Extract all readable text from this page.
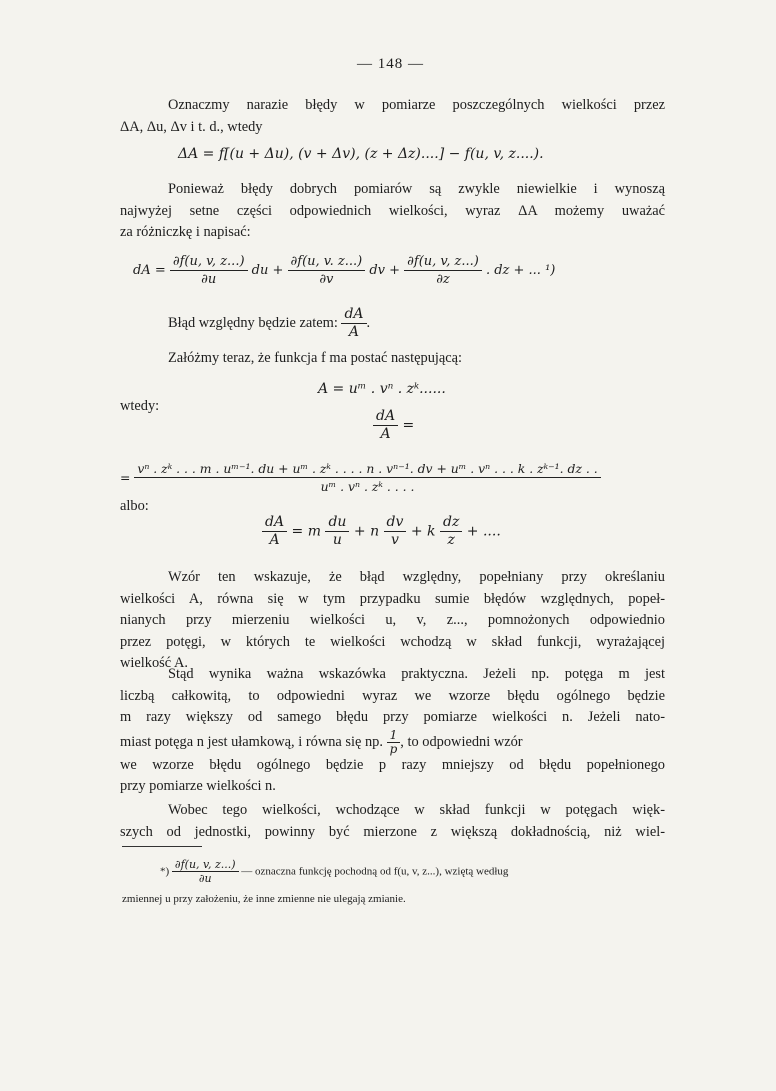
— 148 —
Oznaczmy narazie błędy w pomiarze poszczególnych wielkości przez
ΔA, Δu, Δv i t. d., wtedy
ΔA = f[(u + Δu), (v + Δv), (z + Δz)....] − f(u, v, z....).
Ponieważ błędy dobrych pomiarów są zwykle niewielkie i wynoszą
najwyżej setne części odpowiednich wielkości, wyraz ΔA możemy uważać
za różniczkę i napisać:
dA = $\frac{\partial f(u, v, z...)}{\partial u}$ du + $\frac{\partial f(u, v. z...)}{\partial v}$ dv + $\frac{\partial f(u, v, z...)}{\partial z}$ . dz + ... ¹)
Błąd względny będzie zatem: $\frac{dA}{A}$ .
Załóżmy teraz, że funkcja f ma postać następującą:
A = uᵐ . vⁿ . zᵏ......
wtedy:
$\frac{dA}{A}$ =
=
vⁿ . zᵏ . . . m . uᵐ⁻¹. du + uᵐ . zᵏ . . . . n . vⁿ⁻¹. dv + uᵐ . vⁿ . . . k . zᵏ⁻¹. dz . .
uᵐ . vⁿ . zᵏ . . . .
albo:
$\frac{dA}{A} = m \frac{du}{u} + n \frac{dv}{v} + k \frac{dz}{z}$ + ....
Wzór ten wskazuje, że błąd względny, popełniany przy określaniu
wielkości A, równa się w tym przypadku sumie błędów względnych, popeł-
nianych przy mierzeniu wielkości u, v, z..., pomnożonych odpowiednio
przez potęgi, w których te wielkości wchodzą w skład funkcji, wyrażającej
wielkość A.
Stąd wynika ważna wskazówka praktyczna. Jeżeli np. potęga m jest
liczbą całkowitą, to odpowiedni wyraz we wzorze błędu ogólnego będzie
m razy większy od samego błędu przy pomiarze wielkości n. Jeżeli nato-
miast potęga n jest ułamkową, i równa się np. $\frac{1}{p}$ , to odpowiedni wzór
we wzorze błędu ogólnego będzie p razy mniejszy od błędu popełnionego
przy pomiarze wielkości n.
Wobec tego wielkości, wchodzące w skład funkcji w potęgach więk-
szych od jednostki, powinny być mierzone z większą dokładnością, niż wiel-
*) $\frac{\partial f(u, v, z...)}{\partial u}$ — oznaczna funkcję pochodną od f(u, v, z...), wziętą według
zmiennej u przy założeniu, że inne zmienne nie ulegają zmianie.
